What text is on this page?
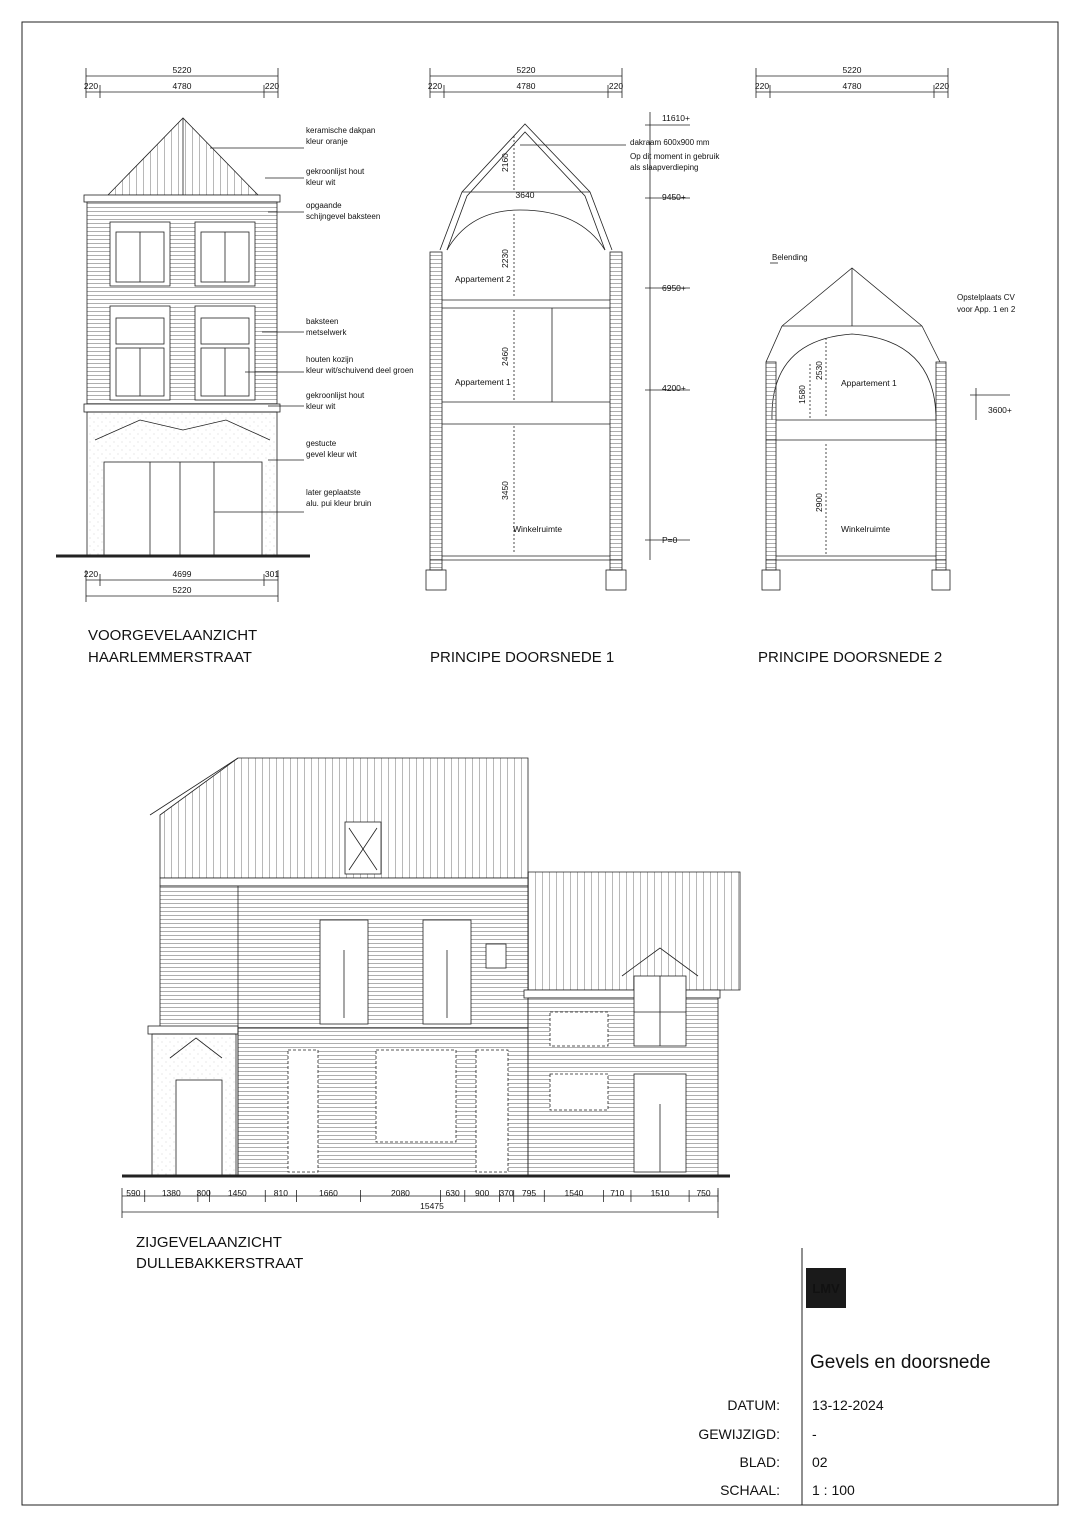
5220
220	4780	220
220	4699	301
5220
keramische dakpan
kleur oranje
gekroonlijst hout
kleur wit
opgaande
schijngevel baksteen
baksteen
metselwerk
houten kozijn
kleur wit/schuivend deel groen
gekroonlijst hout
kleur wit
gestucte
gevel kleur wit
later geplaatste
alu. pui kleur bruin
VOORGEVELAANZICHT
HAARLEMMERSTRAAT
5220
220	4780	220
11610+
9450+
6950+
4200+
P=0
2160
2230
2460
3450
3640
dakraam 600x900 mm
Op dit moment in gebruik
als slaapverdieping
Appartement 2
Appartement 1
Winkelruimte
PRINCIPE DOORSNEDE 1
5220
220	4780	220
Belending
Opstelplaats CV
voor App. 1 en 2
3600+
2530
1580
2900
Appartement 1
Winkelruimte
PRINCIPE DOORSNEDE 2
590	1380 300 1450	810	1660	2080	630 900 370 795	1540	710	1510	750
15475
ZIJGEVELAANZICHT
DULLEBAKKERSTRAAT
LMV
Gevels en doorsnede
DATUM: 13-12-2024
GEWIJZIGD: -
BLAD: 02
SCHAAL: 1 : 100
